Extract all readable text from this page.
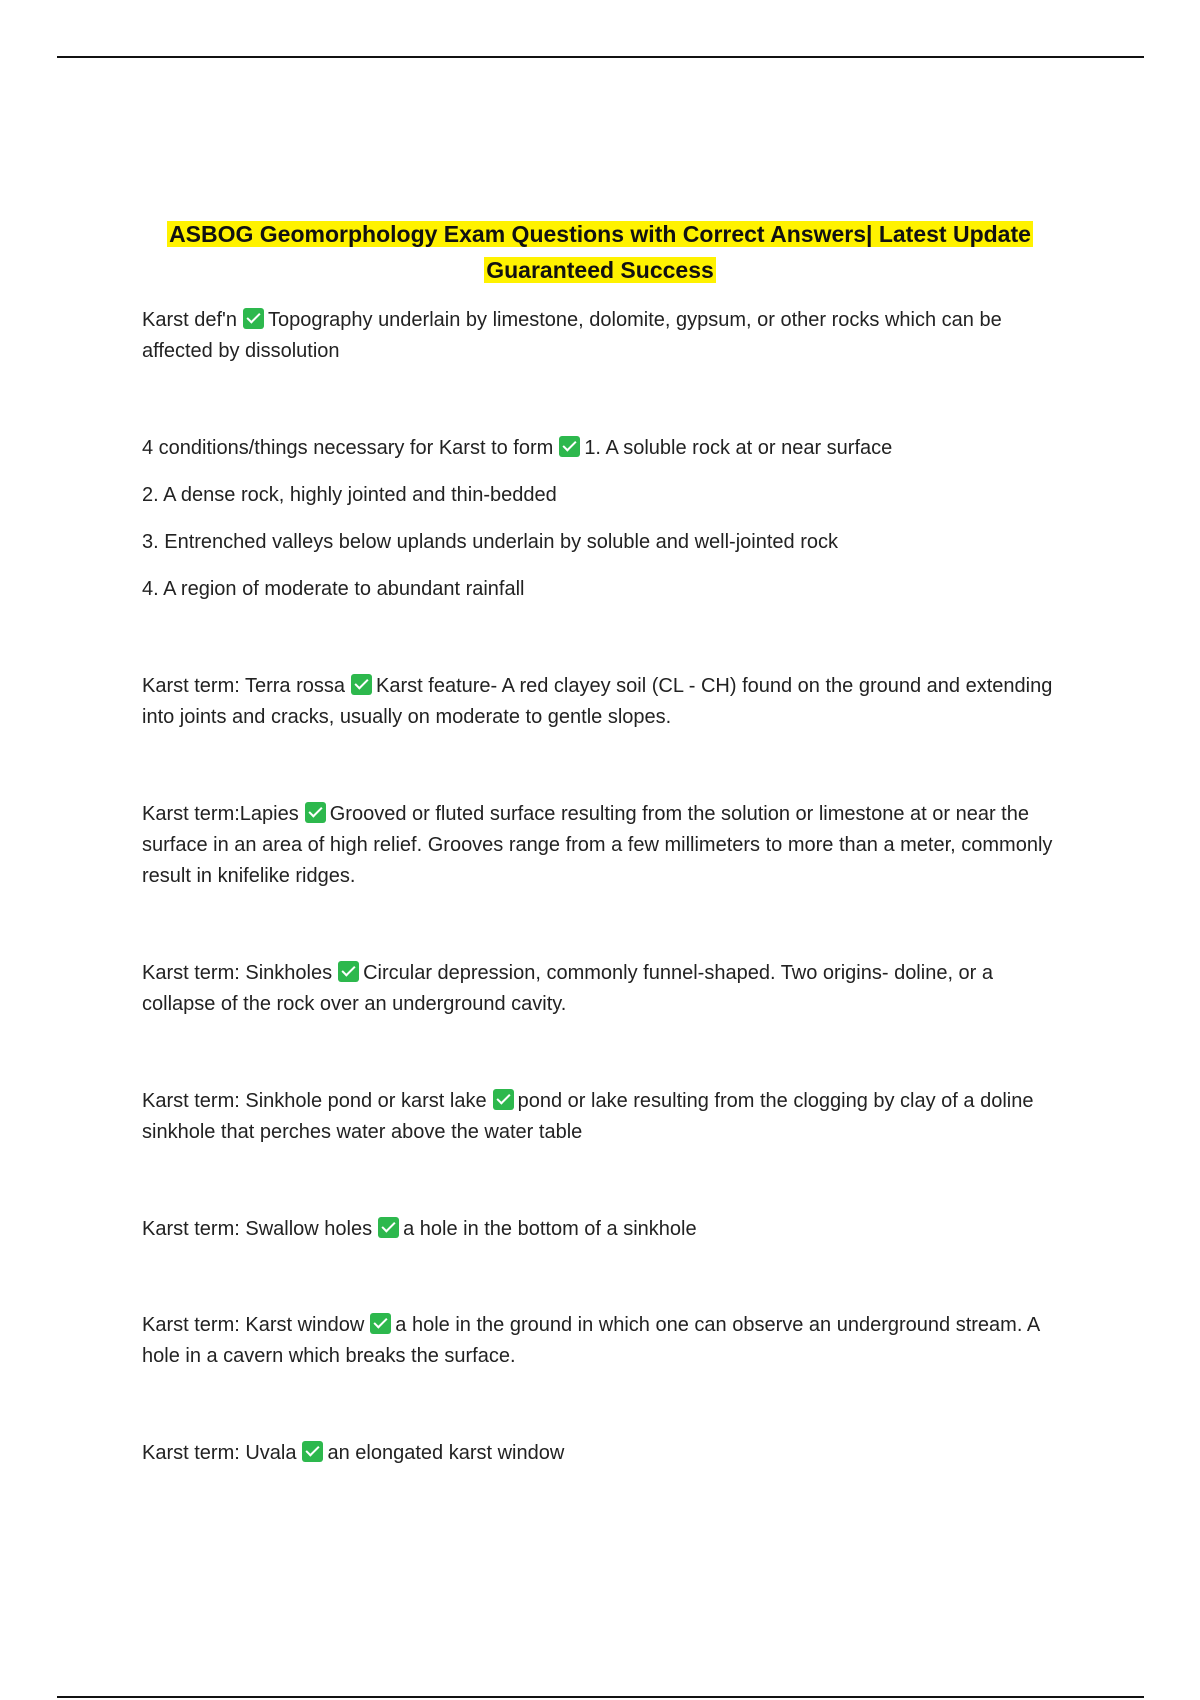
ASBOG Geomorphology Exam Questions with Correct Answers| Latest Update
Guaranteed Success

Karst def'n Topography underlain by limestone, dolomite, gypsum, or other rocks which can be affected by dissolution

4 conditions/things necessary for Karst to form 1. A soluble rock at or near surface

2. A dense rock, highly jointed and thin-bedded

3. Entrenched valleys below uplands underlain by soluble and well-jointed rock

4. A region of moderate to abundant rainfall

Karst term: Terra rossa Karst feature- A red clayey soil (CL - CH) found on the ground and extending into joints and cracks, usually on moderate to gentle slopes.

Karst term:Lapies Grooved or fluted surface resulting from the solution or limestone at or near the surface in an area of high relief. Grooves range from a few millimeters to more than a meter, commonly result in knifelike ridges.

Karst term: Sinkholes Circular depression, commonly funnel-shaped. Two origins- doline, or a collapse of the rock over an underground cavity.

Karst term: Sinkhole pond or karst lake pond or lake resulting from the clogging by clay of a doline sinkhole that perches water above the water table

Karst term: Swallow holes a hole in the bottom of a sinkhole

Karst term: Karst window a hole in the ground in which one can observe an underground stream. A hole in a cavern which breaks the surface.

Karst term: Uvala an elongated karst window
